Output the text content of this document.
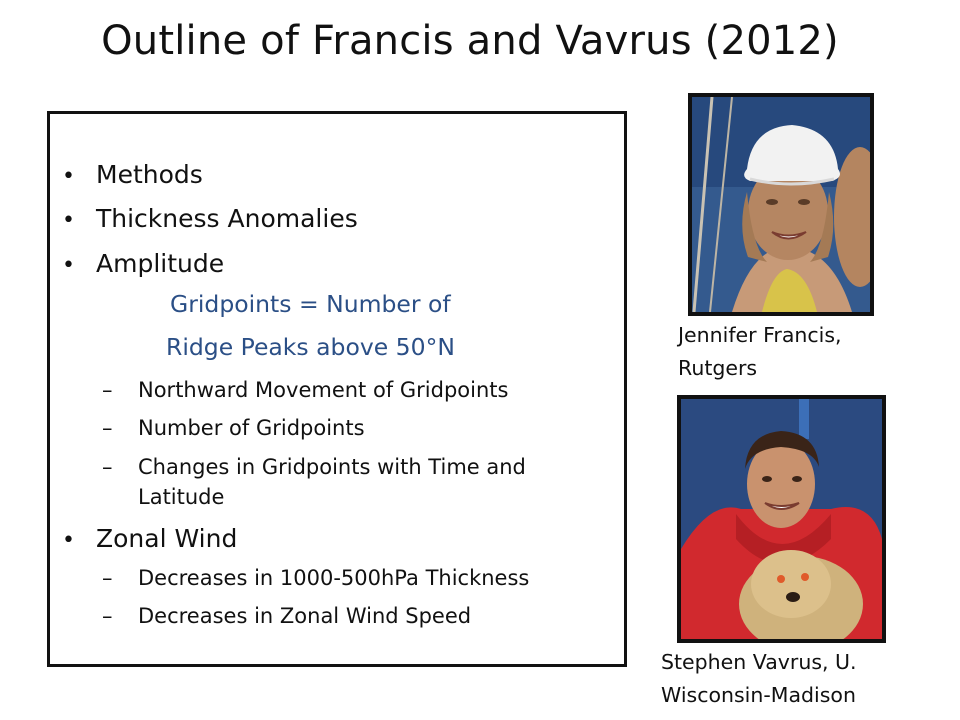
Outline of Francis and Vavrus (2012)
• Methods
• Thickness Anomalies
• Amplitude
Gridpoints = Number of
Ridge Peaks above 50°N
– Northward Movement of Gridpoints
– Number of Gridpoints
– Changes in Gridpoints with Time and
Latitude
• Zonal Wind
– Decreases in 1000-500hPa Thickness
– Decreases in Zonal Wind Speed
Jennifer Francis,
Rutgers
Stephen Vavrus, U.
Wisconsin-Madison
